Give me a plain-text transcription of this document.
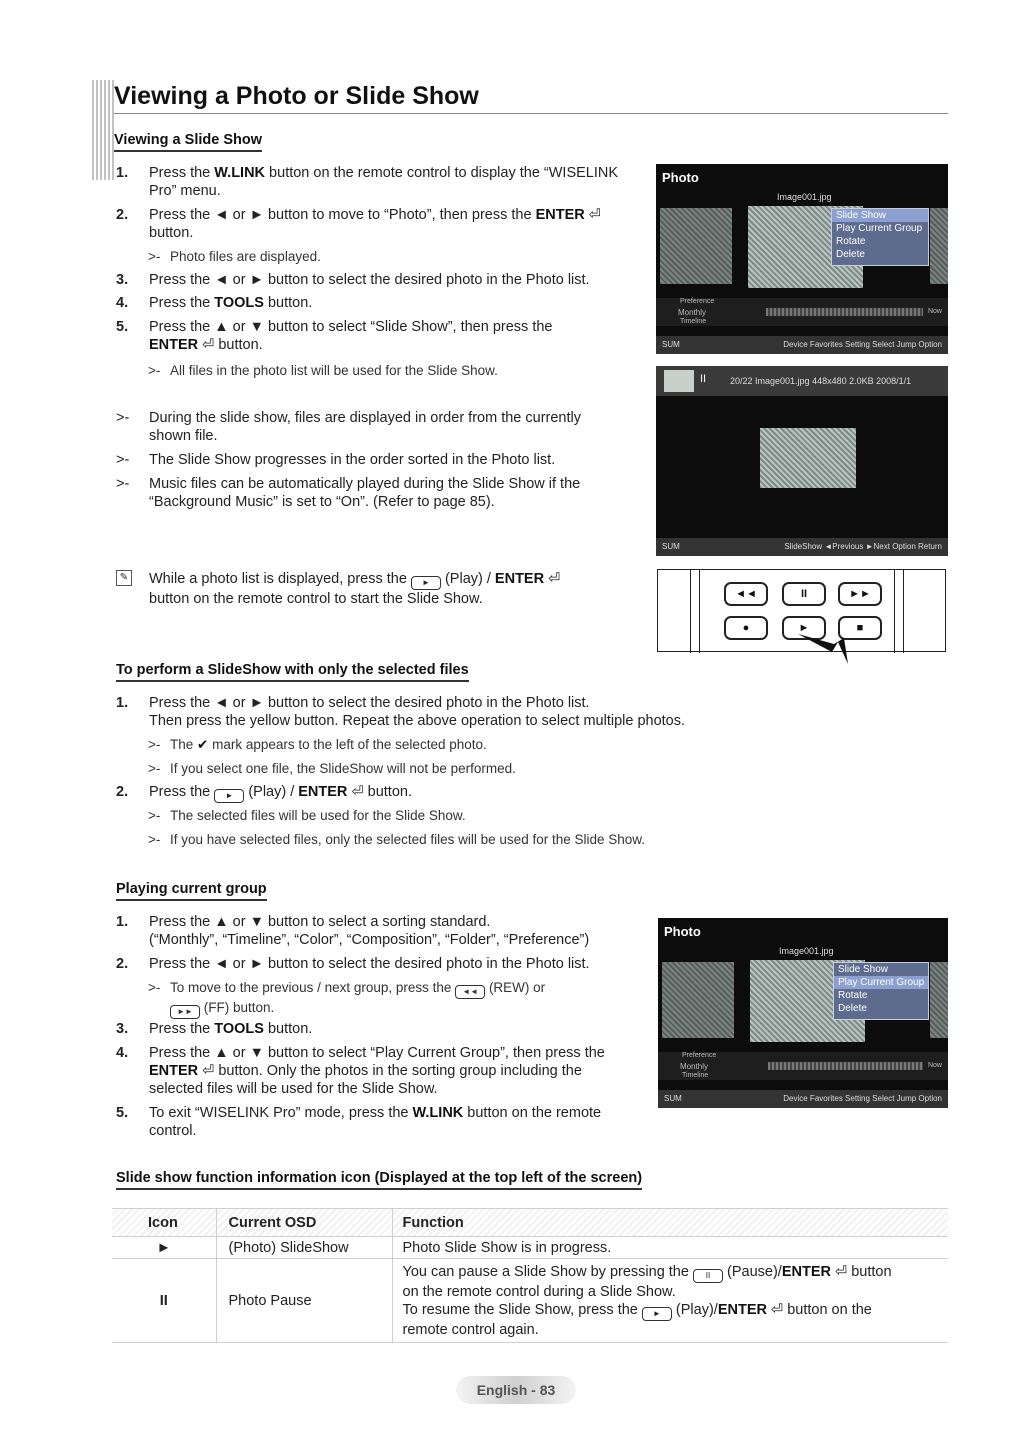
Viewing a Photo or Slide Show
Viewing a Slide Show
1. Press the W.LINK button on the remote control to display the “WISELINK
Pro” menu.
2. Press the ◄ or ► button to move to “Photo”, then press the ENTER ⏎
button.
>- Photo files are displayed.
3. Press the ◄ or ► button to select the desired photo in the Photo list.
4. Press the TOOLS button.
5. Press the ▲ or ▼ button to select “Slide Show”, then press the
ENTER ⏎ button.
>- All files in the photo list will be used for the Slide Show.
>- During the slide show, files are displayed in order from the currently
shown file.
>- The Slide Show progresses in the order sorted in the Photo list.
>- Music files can be automatically played during the Slide Show if the
“Background Music” is set to “On”. (Refer to page 85).
✎ While a photo list is displayed, press the ► (Play) / ENTER ⏎
button on the remote control to start the Slide Show.
Photo
Image001.jpg
Slide Show
Play Current Group
Rotate
Delete
Preference
Monthly
Timeline
Now
SUM	Device Favorites Setting Select Jump Option
II	20/22 Image001.jpg 448x480 2.0KB 2008/1/1
SUM	SlideShow ◄Previous ►Next Option Return
◄◄	II	►►
●	►	■
To perform a SlideShow with only the selected files
1. Press the ◄ or ► button to select the desired photo in the Photo list.
Then press the yellow button. Repeat the above operation to select multiple photos.
>- The ✔ mark appears to the left of the selected photo.
>- If you select one file, the SlideShow will not be performed.
2. Press the ► (Play) / ENTER ⏎ button.
>- The selected files will be used for the Slide Show.
>- If you have selected files, only the selected files will be used for the Slide Show.
Playing current group
1. Press the ▲ or ▼ button to select a sorting standard.
(“Monthly”, “Timeline”, “Color”, “Composition”, “Folder”, “Preference”)
2. Press the ◄ or ► button to select the desired photo in the Photo list.
>- To move to the previous / next group, press the ◄◄ (REW) or
►► (FF) button.
3. Press the TOOLS button.
4. Press the ▲ or ▼ button to select “Play Current Group”, then press the
ENTER ⏎ button. Only the photos in the sorting group including the
selected files will be used for the Slide Show.
5. To exit “WISELINK Pro” mode, press the W.LINK button on the remote
control.
Photo
Image001.jpg
Slide Show
Play Current Group
Rotate
Delete
Preference
Monthly
Timeline
Now
SUM	Device Favorites Setting Select Jump Option
Slide show function information icon (Displayed at the top left of the screen)
Icon	Current OSD	Function
►	(Photo) SlideShow	Photo Slide Show is in progress.
II	Photo Pause	You can pause a Slide Show by pressing the II (Pause)/ENTER ⏎ button
on the remote control during a Slide Show.
To resume the Slide Show, press the ► (Play)/ENTER ⏎ button on the
remote control again.
English - 83
